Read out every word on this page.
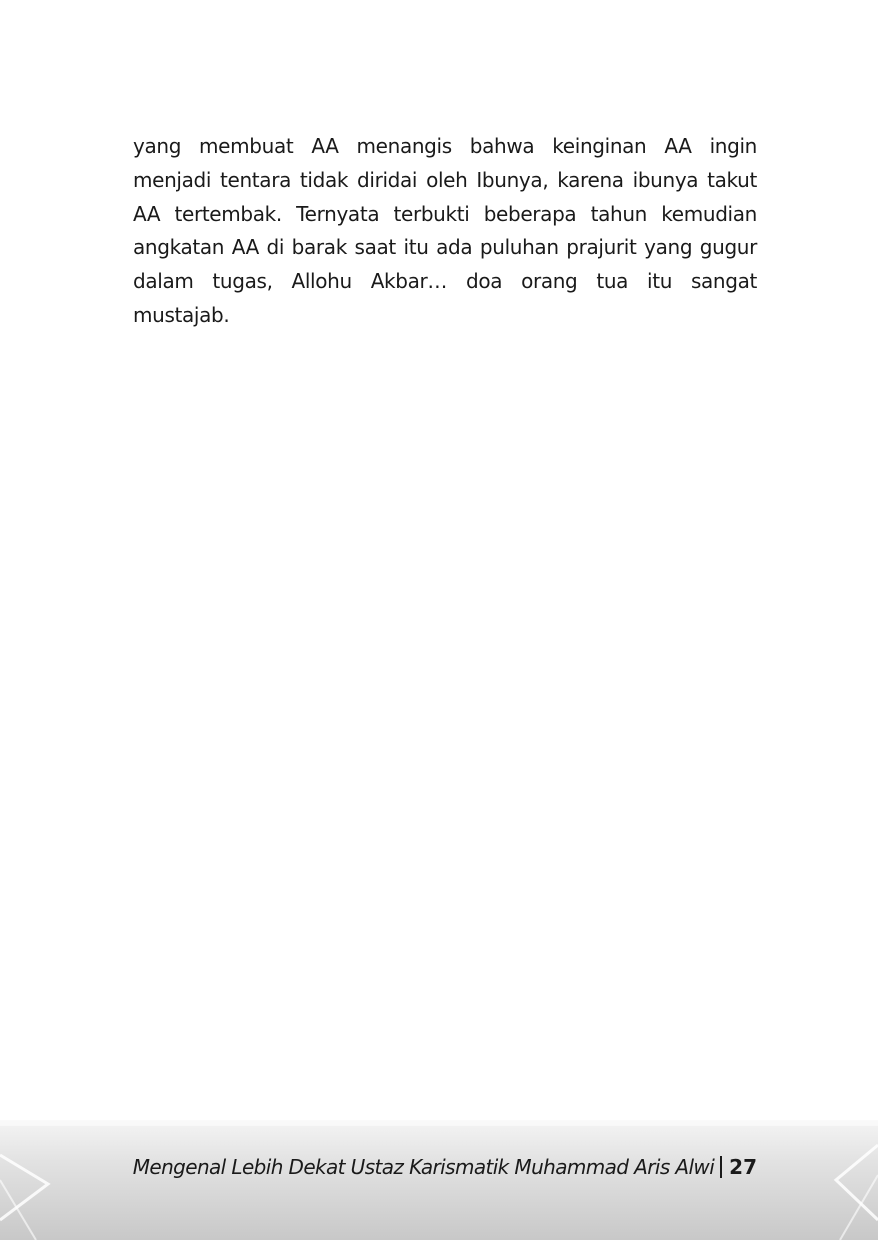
yang membuat AA menangis bahwa keinginan AA ingin
menjadi tentara tidak diridai oleh Ibunya, karena ibunya takut
AA tertembak. Ternyata terbukti beberapa tahun kemudian
angkatan AA di barak saat itu ada puluhan prajurit yang gugur
dalam tugas, Allohu Akbar… doa orang tua itu sangat
mustajab.
Mengenal Lebih Dekat Ustaz Karismatik Muhammad Aris Alwi 27
